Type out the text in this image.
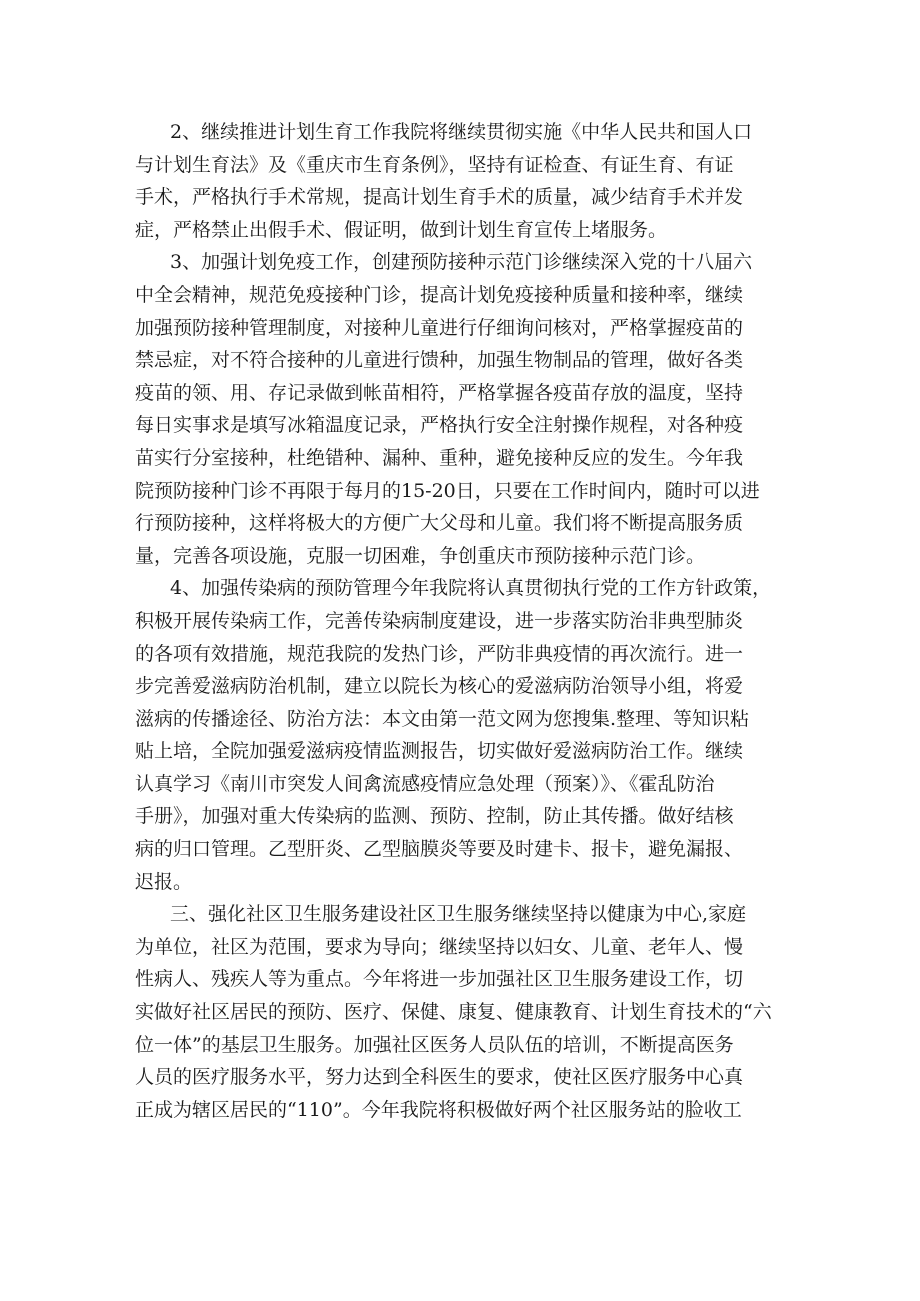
2、继续推进计划生育工作我院将继续贯彻实施《中华人民共和国人口
与计划生育法》及《重庆市生育条例》，坚持有证检查、有证生育、有证
手术，严格执行手术常规，提高计划生育手术的质量，减少结育手术并发
症，严格禁止出假手术、假证明，做到计划生育宣传上堵服务。
3、加强计划免疫工作，创建预防接种示范门诊继续深入党的十八届六
中全会精神，规范免疫接种门诊，提高计划免疫接种质量和接种率，继续
加强预防接种管理制度，对接种儿童进行仔细询问核对，严格掌握疫苗的
禁忌症，对不符合接种的儿童进行馈种，加强生物制品的管理，做好各类
疫苗的领、用、存记录做到帐苗相符，严格掌握各疫苗存放的温度，坚持
每日实事求是填写冰箱温度记录，严格执行安全注射操作规程，对各种疫
苗实行分室接种，杜绝错种、漏种、重种，避免接种反应的发生。今年我
院预防接种门诊不再限于每月的15-20日，只要在工作时间内，随时可以进
行预防接种，这样将极大的方便广大父母和儿童。我们将不断提高服务质
量，完善各项设施，克服一切困难，争创重庆市预防接种示范门诊。
4、加强传染病的预防管理今年我院将认真贯彻执行党的工作方针政策，
积极开展传染病工作，完善传染病制度建设，进一步落实防治非典型肺炎
的各项有效措施，规范我院的发热门诊，严防非典疫情的再次流行。进一
步完善爱滋病防治机制，建立以院长为核心的爱滋病防治领导小组，将爱
滋病的传播途径、防治方法：本文由第一范文网为您搜集.整理、等知识粘
贴上培，全院加强爱滋病疫情监测报告，切实做好爱滋病防治工作。继续
认真学习《南川市突发人间禽流感疫情应急处理（预案）》、《霍乱防治
手册》，加强对重大传染病的监测、预防、控制，防止其传播。做好结核
病的归口管理。乙型肝炎、乙型脑膜炎等要及时建卡、报卡，避免漏报、
迟报。
三、强化社区卫生服务建设社区卫生服务继续坚持以健康为中心,家庭
为单位，社区为范围，要求为导向；继续坚持以妇女、儿童、老年人、慢
性病人、残疾人等为重点。今年将进一步加强社区卫生服务建设工作，切
实做好社区居民的预防、医疗、保健、康复、健康教育、计划生育技术的“六
位一体”的基层卫生服务。加强社区医务人员队伍的培训，不断提高医务
人员的医疗服务水平，努力达到全科医生的要求，使社区医疗服务中心真
正成为辖区居民的“110”。今年我院将积极做好两个社区服务站的脸收工
